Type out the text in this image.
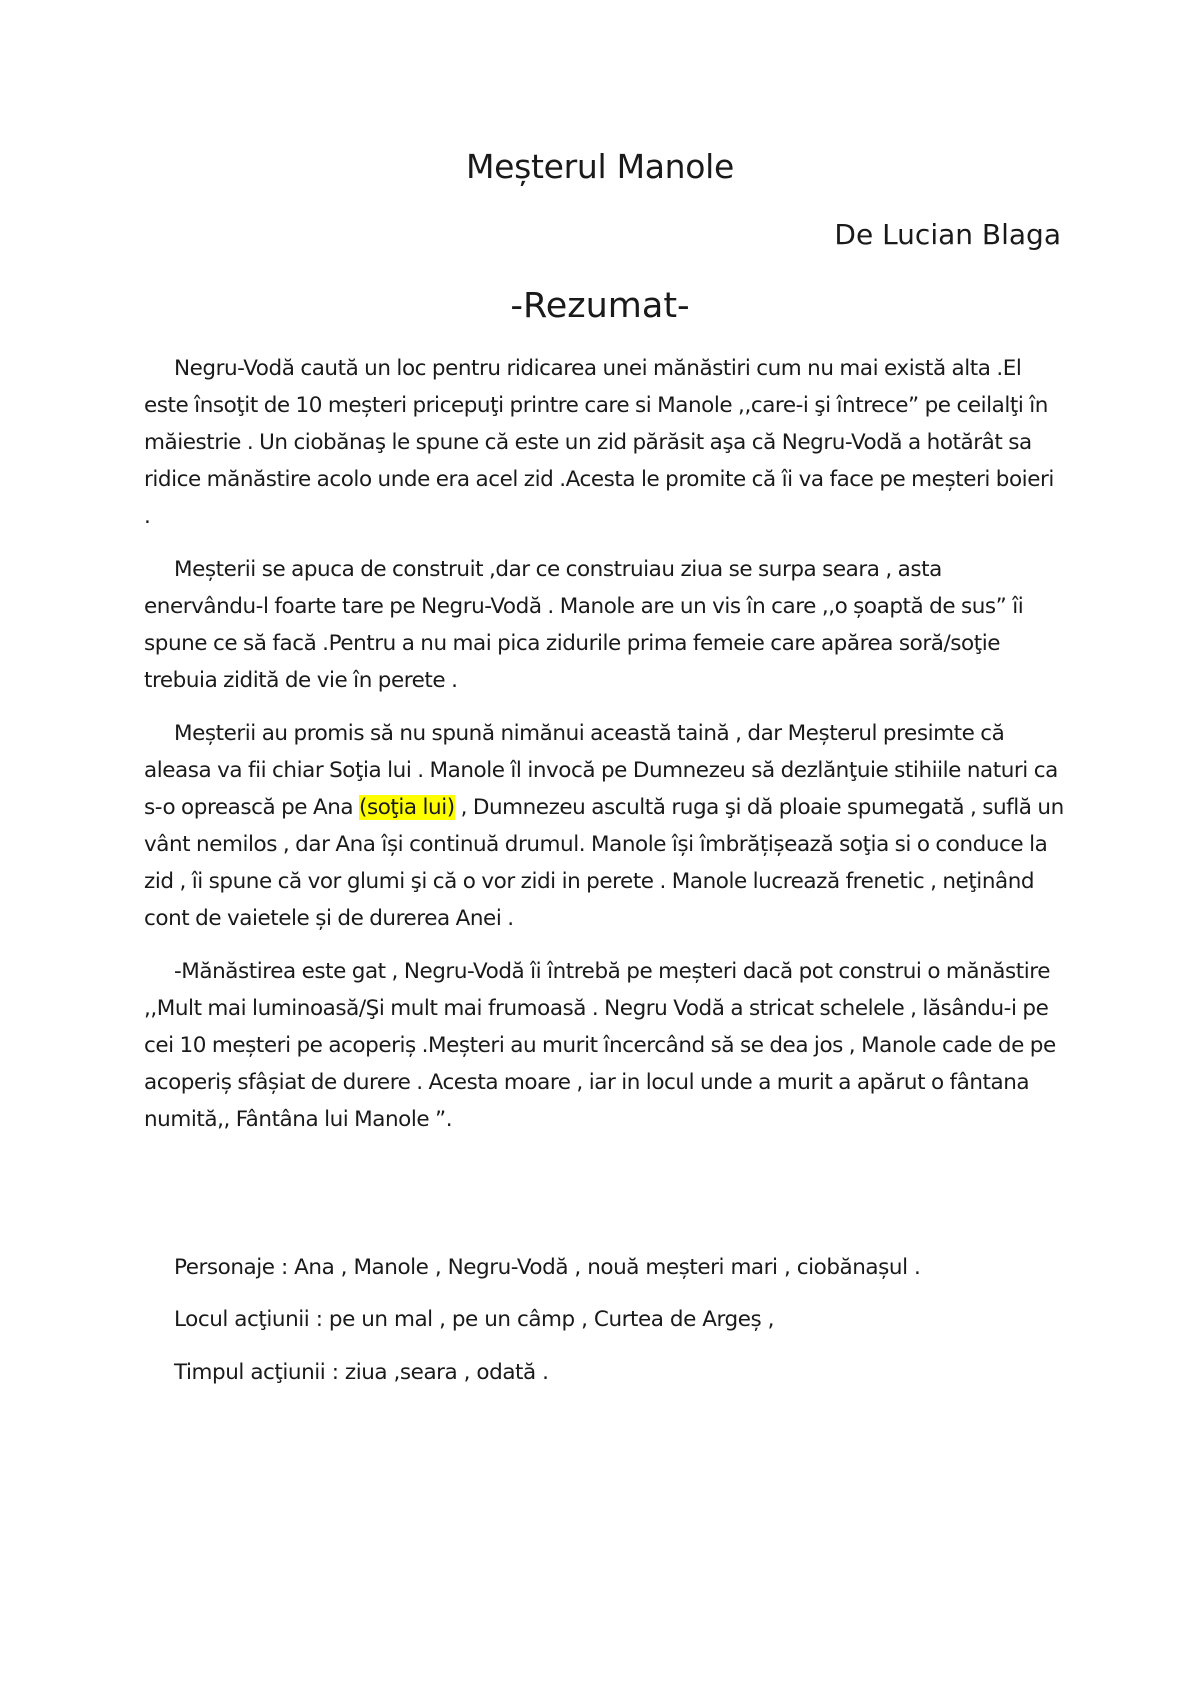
Meșterul Manole

De Lucian Blaga

-Rezumat-

Negru-Vodă caută un loc pentru ridicarea unei mănăstiri cum nu mai există alta .El este însoţit de 10 meșteri pricepuţi printre care si Manole ,,care-i şi întrece” pe ceilalţi în măiestrie . Un ciobănaş le spune că este un zid părăsit aşa că Negru-Vodă a hotărât sa ridice mănăstire acolo unde era acel zid .Acesta le promite că îi va face pe meșteri boieri .

Meșterii se apuca de construit ,dar ce construiau ziua se surpa seara , asta enervându-l foarte tare pe Negru-Vodă . Manole are un vis în care ,,o șoaptă de sus” îi spune ce să facă .Pentru a nu mai pica zidurile prima femeie care apărea soră/soţie trebuia zidită de vie în perete .

Meșterii au promis să nu spună nimănui această taină , dar Meșterul presimte că aleasa va fii chiar Soţia lui . Manole îl invocă pe Dumnezeu să dezlănţuie stihiile naturi ca s-o oprească pe Ana (soţia lui) , Dumnezeu ascultă ruga şi dă ploaie spumegată , suflă un vânt nemilos , dar Ana își continuă drumul. Manole își îmbrățișează soţia si o conduce la zid , îi spune că vor glumi şi că o vor zidi in perete . Manole lucrează frenetic , neţinând cont de vaietele și de durerea Anei .

-Mănăstirea este gat , Negru-Vodă îi întrebă pe meșteri dacă pot construi o mănăstire ,,Mult mai luminoasă/Şi mult mai frumoasă . Negru Vodă a stricat schelele , lăsându-i pe cei 10 meșteri pe acoperiș .Meșteri au murit încercând să se dea jos , Manole cade de pe acoperiș sfâșiat de durere . Acesta moare , iar in locul unde a murit a apărut o fântana numită,, Fântâna lui Manole ”.

Personaje : Ana , Manole , Negru-Vodă , nouă meșteri mari , ciobănașul .

Locul acţiunii : pe un mal , pe un câmp , Curtea de Argeș ,

Timpul acţiunii : ziua ,seara , odată .
